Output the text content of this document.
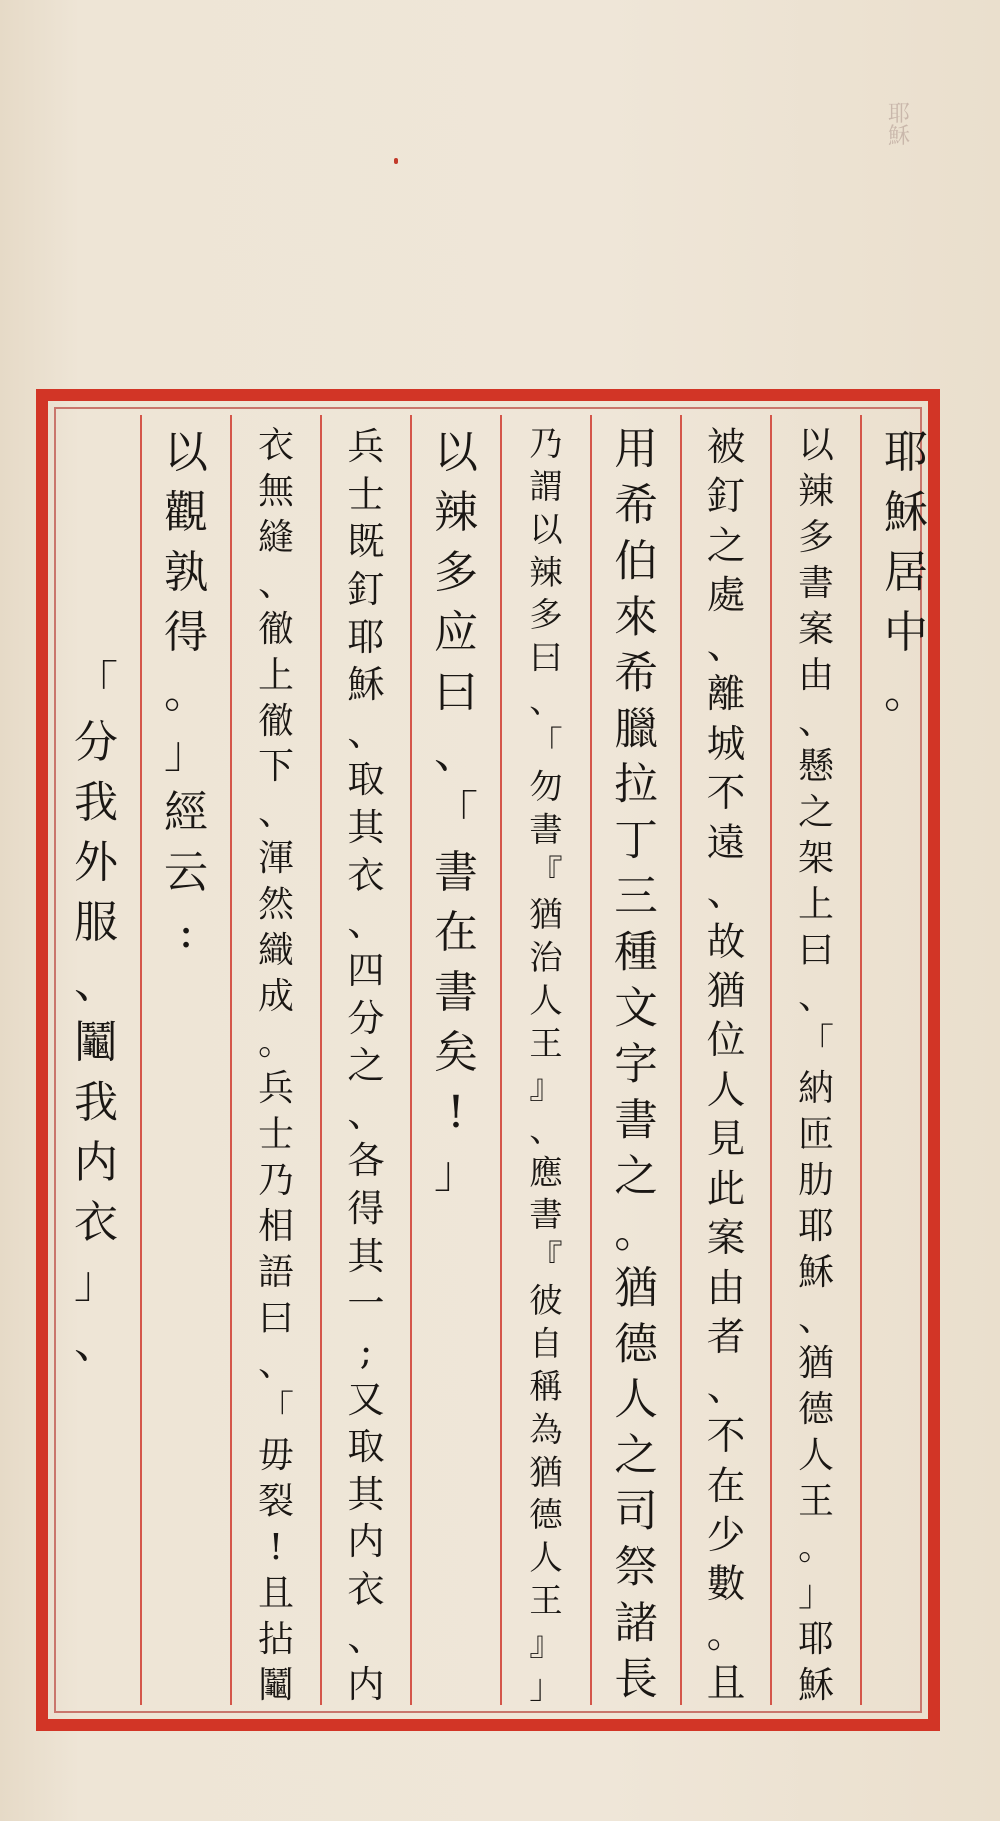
耶穌
耶
穌
居
中
。
以
辣
多
書
案
由
、
懸
之
架
上
曰
、
「
納
匝
肋
耶
穌
、
猶
德
人
王
。
」
耶
穌
被
釘
之
處
、
離
城
不
遠
、
故
猶
位
人
見
此
案
由
者
、
不
在
少
數
。
且
用
希
伯
來
希
臘
拉
丁
三
種
文
字
書
之
。
猶
德
人
之
司
祭
諸
長
乃
謂
以
辣
多
曰
、
「
勿
書
『
猶
治
人
王
』
、
應
書
『
彼
自
稱
為
猶
德
人
王
』
」
以
辣
多
应
曰
、
「
書
在
書
矣
!
」
兵
士
既
釘
耶
穌
、
取
其
衣
、
四
分
之
、
各
得
其
一
;
又
取
其
内
衣
、
内
衣
無
縫
、
徹
上
徹
下
、
渾
然
織
成
。
兵
士
乃
相
語
曰
、
「
毋
裂
!
且
拈
鬮
以
觀
孰
得
。
」
經
云
:
「
分
我
外
服
、
鬮
我
内
衣
」
、
